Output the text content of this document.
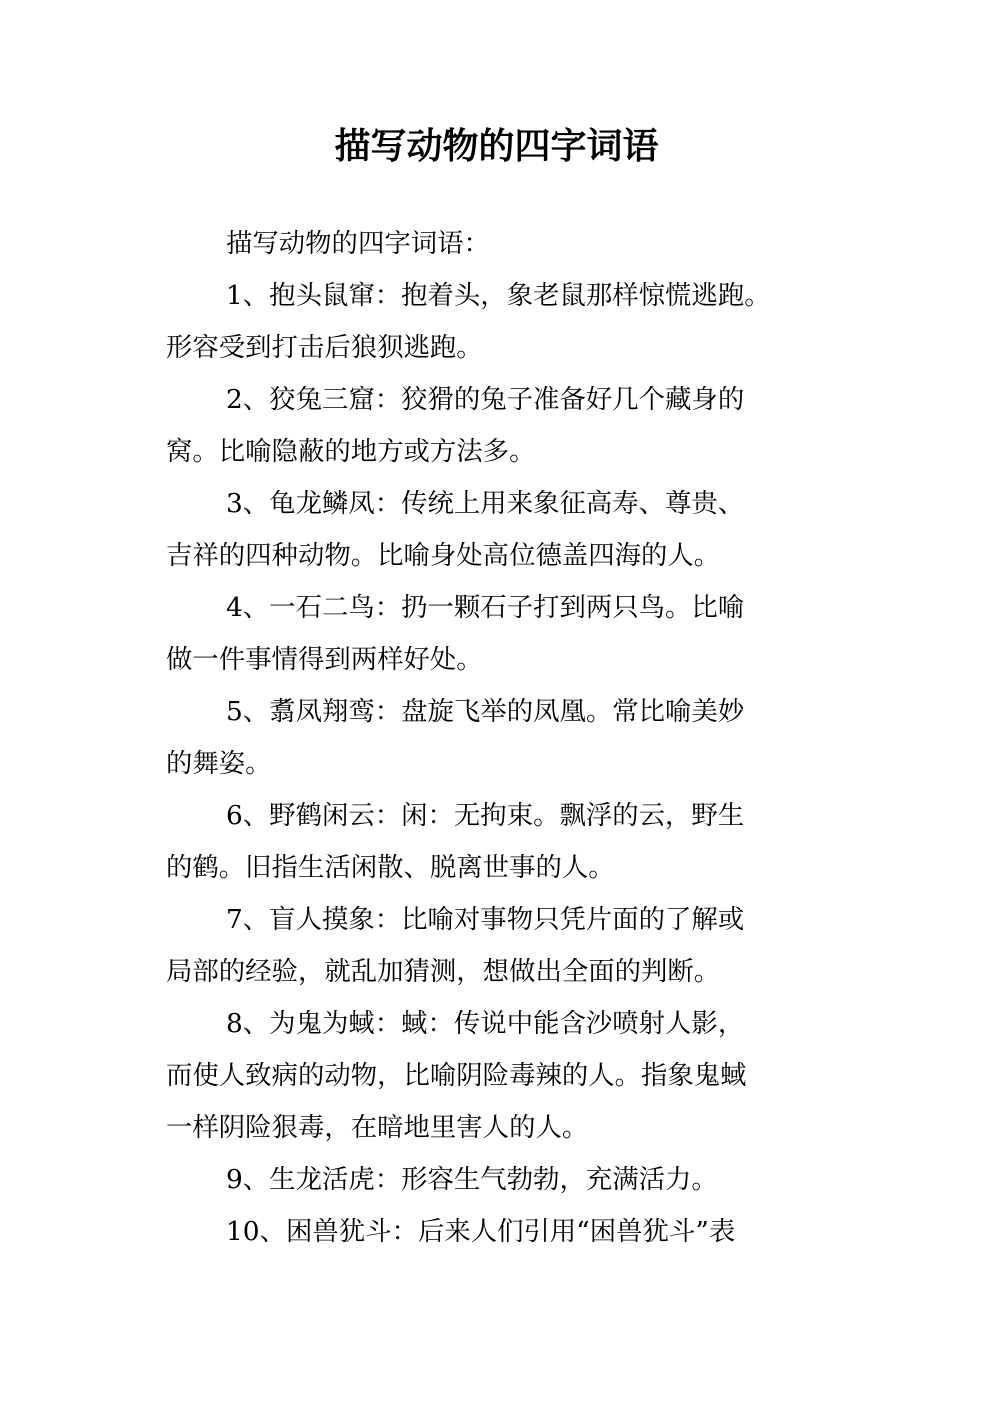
描写动物的四字词语
描写动物的四字词语：
1、抱头鼠窜：抱着头，象老鼠那样惊慌逃跑。
形容受到打击后狼狈逃跑。
2、狡兔三窟：狡猾的兔子准备好几个藏身的
窝。比喻隐蔽的地方或方法多。
3、龟龙鳞凤：传统上用来象征高寿、尊贵、
吉祥的四种动物。比喻身处高位德盖四海的人。
4、一石二鸟：扔一颗石子打到两只鸟。比喻
做一件事情得到两样好处。
5、翥凤翔鸾：盘旋飞举的凤凰。常比喻美妙
的舞姿。
6、野鹤闲云：闲：无拘束。飘浮的云，野生
的鹤。旧指生活闲散、脱离世事的人。
7、盲人摸象：比喻对事物只凭片面的了解或
局部的经验，就乱加猜测，想做出全面的判断。
8、为鬼为蜮：蜮：传说中能含沙喷射人影，
而使人致病的动物，比喻阴险毒辣的人。指象鬼蜮
一样阴险狠毒，在暗地里害人的人。
9、生龙活虎：形容生气勃勃，充满活力。
10、困兽犹斗：后来人们引用“困兽犹斗”表
